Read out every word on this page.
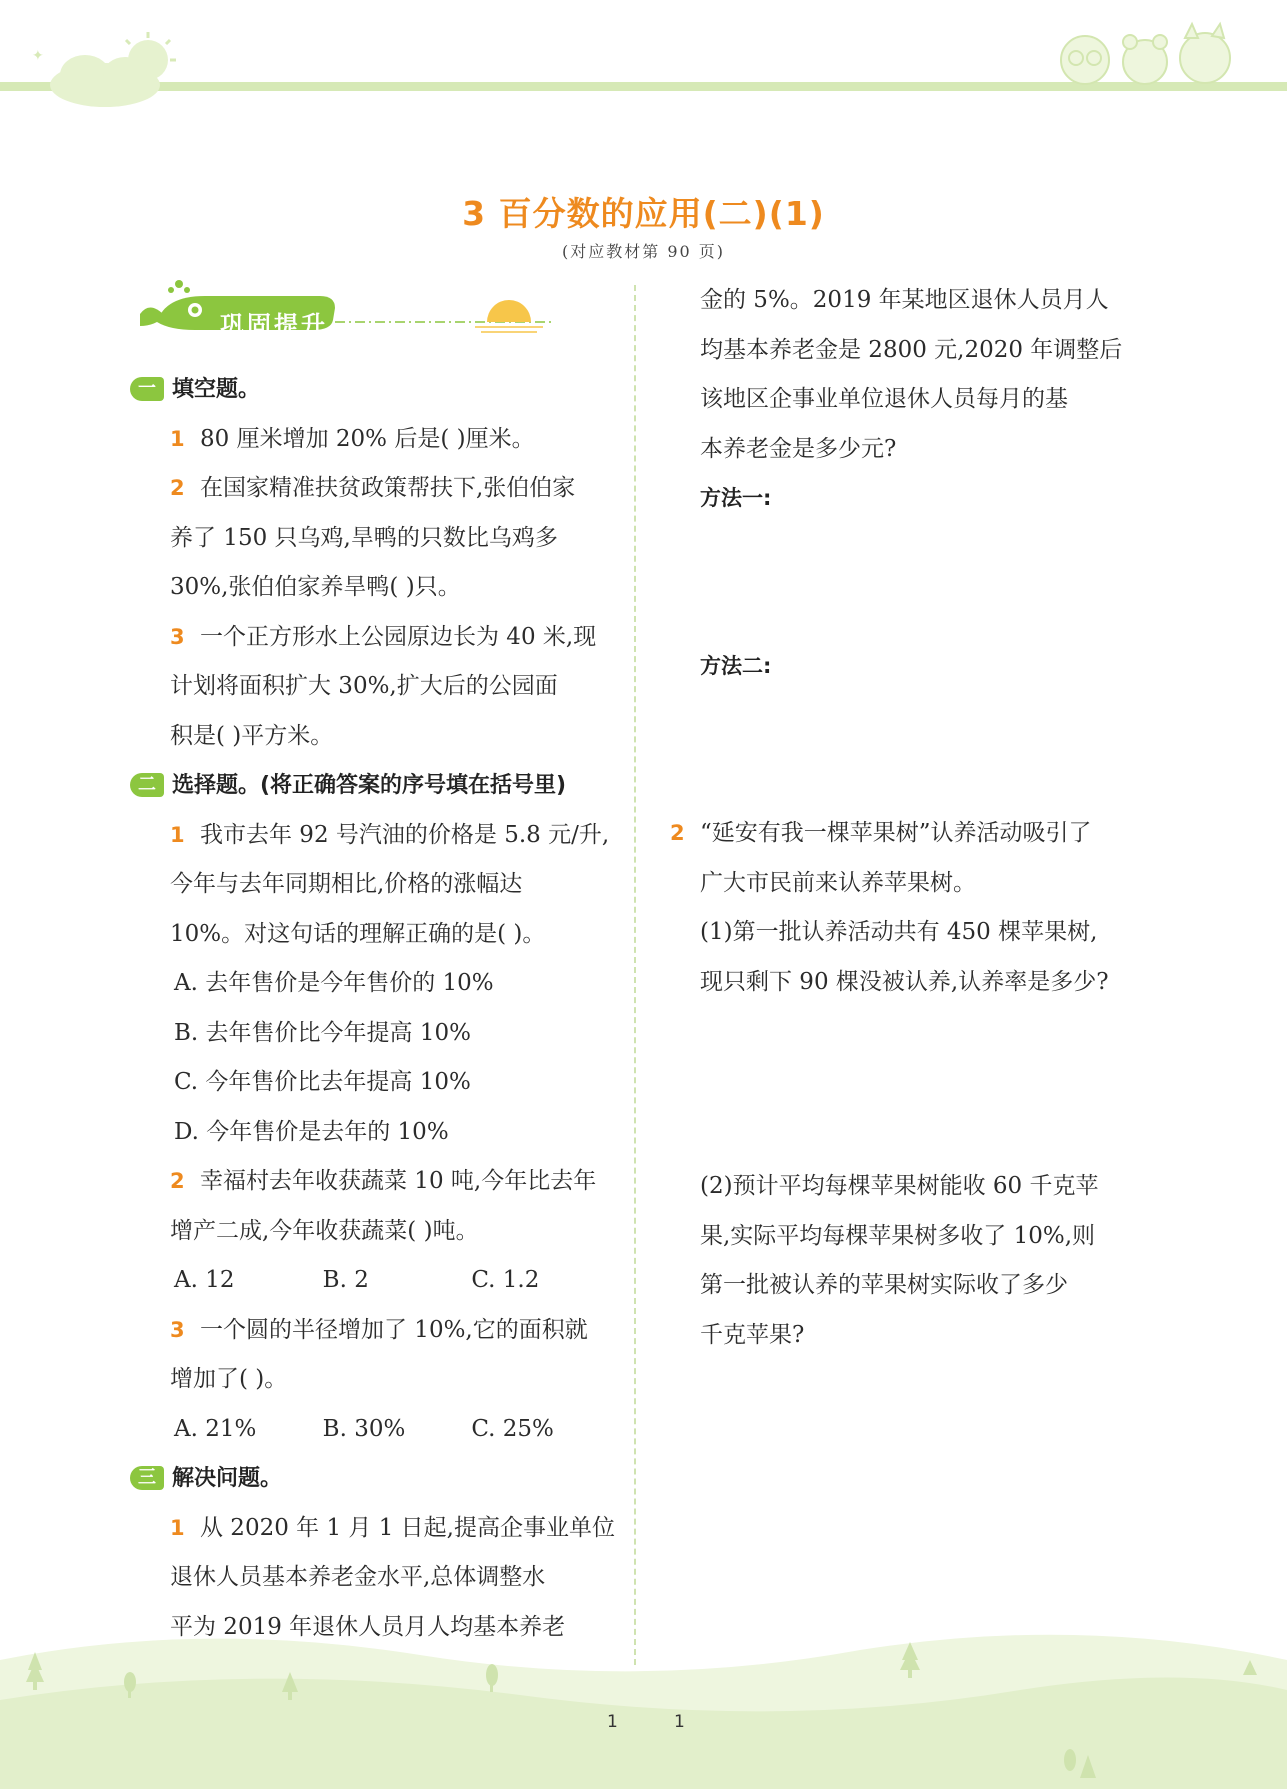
✦
3 百分数的应用(二)(1)
(对应教材第 90 页)
巩固提升

一 填空题。

1 80 厘米增加 20% 后是( )厘米。

2 在国家精准扶贫政策帮扶下,张伯伯家

养了 150 只乌鸡,旱鸭的只数比乌鸡多

30%,张伯伯家养旱鸭( )只。

3 一个正方形水上公园原边长为 40 米,现

计划将面积扩大 30%,扩大后的公园面

积是( )平方米。

二 选择题。(将正确答案的序号填在括号里)

1 我市去年 92 号汽油的价格是 5.8 元/升,

今年与去年同期相比,价格的涨幅达

10%。对这句话的理解正确的是( )。

A. 去年售价是今年售价的 10%

B. 去年售价比今年提高 10%

C. 今年售价比去年提高 10%

D. 今年售价是去年的 10%

2 幸福村去年收获蔬菜 10 吨,今年比去年

增产二成,今年收获蔬菜( )吨。

A. 12	B. 2	C. 1.2

3 一个圆的半径增加了 10%,它的面积就

增加了( )。

A. 21%	B. 30%	C. 25%

三 解决问题。

1 从 2020 年 1 月 1 日起,提高企事业单位

退休人员基本养老金水平,总体调整水

平为 2019 年退休人员月人均基本养老

金的 5%。2019 年某地区退休人员月人

均基本养老金是 2800 元,2020 年调整后

该地区企事业单位退休人员每月的基

本养老金是多少元?

方法一:

方法二:

2 “延安有我一棵苹果树”认养活动吸引了

广大市民前来认养苹果树。

(1)第一批认养活动共有 450 棵苹果树,

现只剩下 90 棵没被认养,认养率是多少?

(2)预计平均每棵苹果树能收 60 千克苹

果,实际平均每棵苹果树多收了 10%,则

第一批被认养的苹果树实际收了多少

千克苹果?

1	1
